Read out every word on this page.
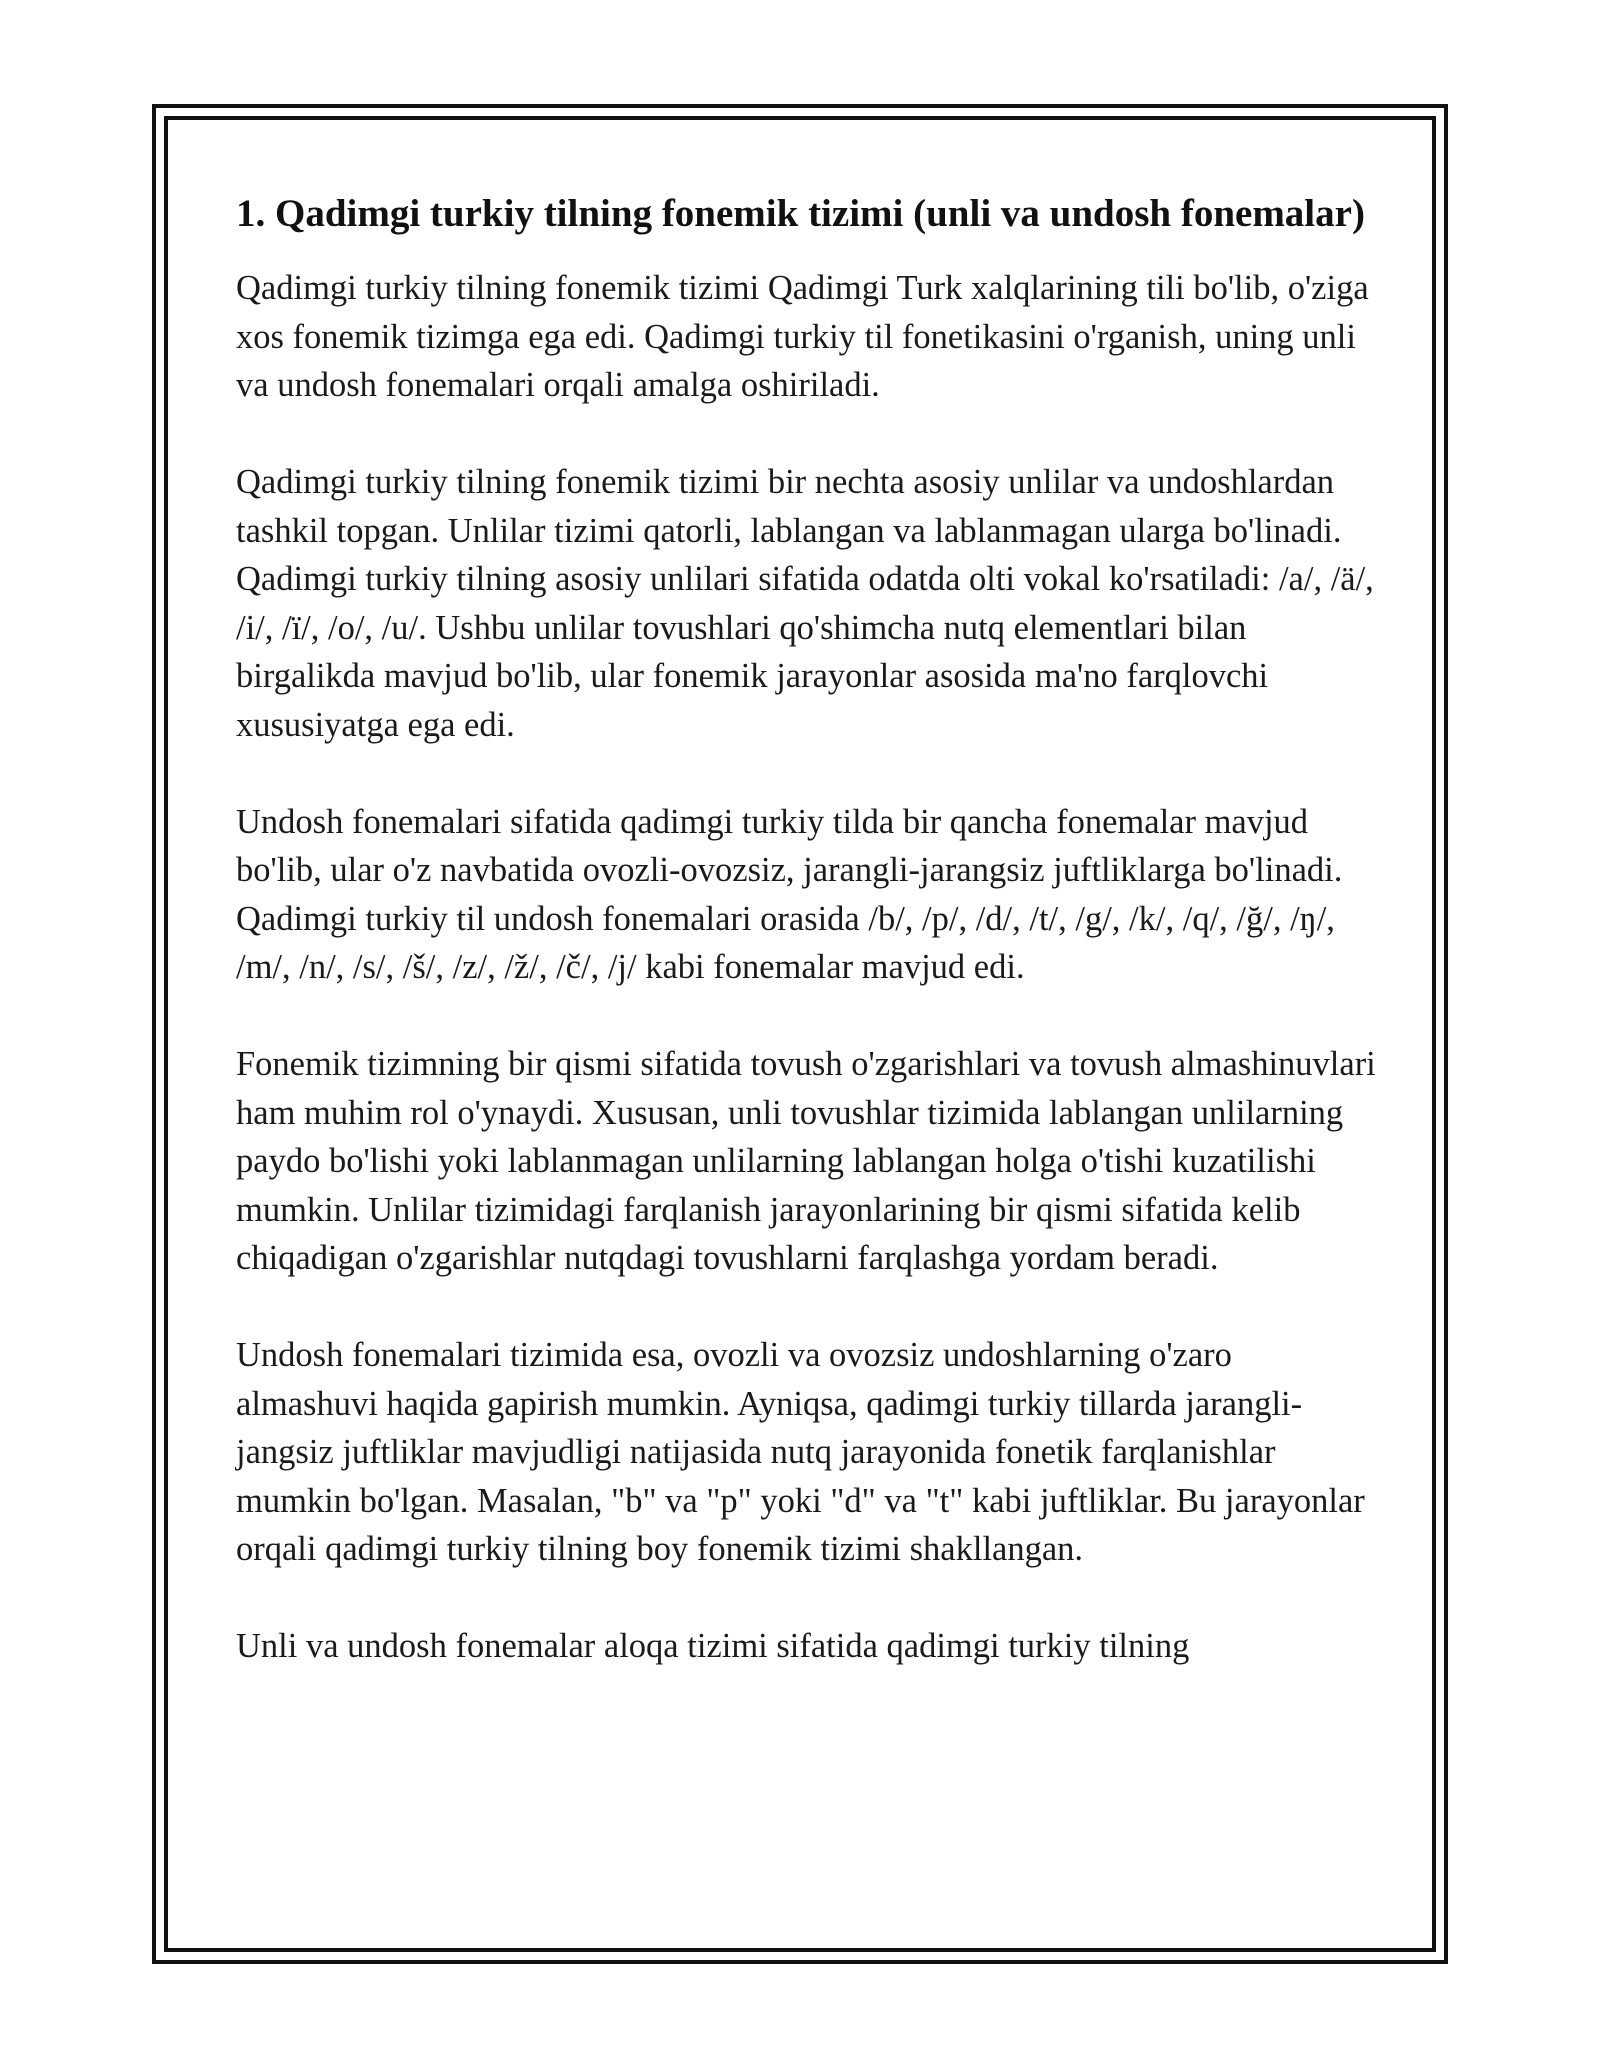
1. Qadimgi turkiy tilning fonemik tizimi (unli va undosh fonemalar)

Qadimgi turkiy tilning fonemik tizimi Qadimgi Turk xalqlarining tili bo'lib, o'ziga xos fonemik tizimga ega edi. Qadimgi turkiy til fonetikasini o'rganish, uning unli va undosh fonemalari orqali amalga oshiriladi.

Qadimgi turkiy tilning fonemik tizimi bir nechta asosiy unlilar va undoshlardan tashkil topgan. Unlilar tizimi qatorli, lablangan va lablanmagan ularga bo'linadi. Qadimgi turkiy tilning asosiy unlilari sifatida odatda olti vokal ko'rsatiladi: /a/, /ä/, /i/, /ï/, /o/, /u/. Ushbu unlilar tovushlari qo'shimcha nutq elementlari bilan birgalikda mavjud bo'lib, ular fonemik jarayonlar asosida ma'no farqlovchi xususiyatga ega edi.

Undosh fonemalari sifatida qadimgi turkiy tilda bir qancha fonemalar mavjud bo'lib, ular o'z navbatida ovozli-ovozsiz, jarangli-jarangsiz juftliklarga bo'linadi. Qadimgi turkiy til undosh fonemalari orasida /b/, /p/, /d/, /t/, /g/, /k/, /q/, /ğ/, /ŋ/, /m/, /n/, /s/, /š/, /z/, /ž/, /č/, /j/ kabi fonemalar mavjud edi.

Fonemik tizimning bir qismi sifatida tovush o'zgarishlari va tovush almashinuvlari ham muhim rol o'ynaydi. Xususan, unli tovushlar tizimida lablangan unlilarning paydo bo'lishi yoki lablanmagan unlilarning lablangan holga o'tishi kuzatilishi mumkin. Unlilar tizimidagi farqlanish jarayonlarining bir qismi sifatida kelib chiqadigan o'zgarishlar nutqdagi tovushlarni farqlashga yordam beradi.

Undosh fonemalari tizimida esa, ovozli va ovozsiz undoshlarning o'zaro almashuvi haqida gapirish mumkin. Ayniqsa, qadimgi turkiy tillarda jarangli-jangsiz juftliklar mavjudligi natijasida nutq jarayonida fonetik farqlanishlar mumkin bo'lgan. Masalan, "b" va "p" yoki "d" va "t" kabi juftliklar. Bu jarayonlar orqali qadimgi turkiy tilning boy fonemik tizimi shakllangan.

Unli va undosh fonemalar aloqa tizimi sifatida qadimgi turkiy tilning
